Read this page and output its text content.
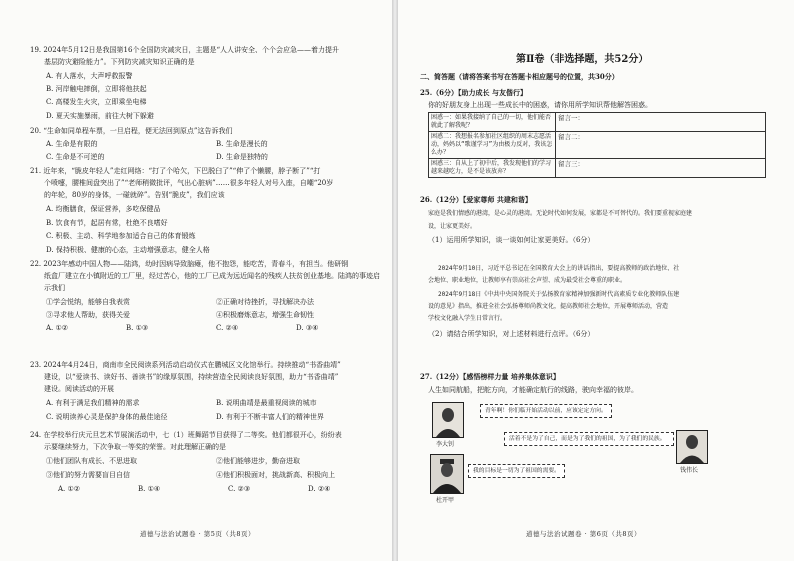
19. 2024年5月12日是我国第16个全国防灾减灾日，主题是“人人讲安全、个个会应急——着力提升
基层防灾避险能力”。下列防灾减灾知识正确的是
A. 有人落水，大声呼救报警
B. 河岸触电摔倒，立即将他扶起
C. 高楼发生火灾，立即乘坐电梯
D. 夏天实施暴雨，前往大树下躲避
20. “生命如同单程车票，一旦启程，便无法回到原点”这告诉我们
A. 生命是有限的	B. 生命是漫长的
C. 生命是不可逆的	D. 生命是独特的
21. 近年来，“脆皮年轻人”走红网络：“打了个哈欠，下巴脱臼了”“伸了个懒腰，脖子断了”“打
个喷嚏，腰椎间盘突出了”“老师稍微批评，气出心脏病”……很多年轻人对号入座，自嘲“20岁
的年轮，80岁的身体，一碰就碎”。告别“脆皮”，我们应该
A. 均衡膳食，保证营养，多吃保健品
B. 饮食有节，起居有常，杜绝不良嗜好
C. 积极、主动、科学地参加适合自己的体育锻炼
D. 保持积极、健康的心态，主动增强意志，健全人格
22. 2023年感动中国人物——陆鸿，幼时因病导致脑瘫，他不抱怨，能吃苦，青春斗，有担当。他研钢
纸盒厂建立在小镇附近的工厂里，经过苦心，他的工厂已成为远近闻名的残疾人扶贫创业基地。陆鸿的事迹启
示我们
①学会悦纳，能够自我表赏	②正确对待挫折，寻找解决办法
③寻求他人帮助，获得关爱	④积极磨炼意志，增强生命韧性
A. ①②	B. ①③	C. ②④	D. ③④
23. 2024年4月24日，商南市全民阅读系列活动启动仪式在鹏城区文化馆举行。持续推动“书香曲靖”
建设，以“爱读书、读好书、善读书”的缘厚氛围，持续营造全民阅读良好氛围，助力“书香曲靖”
建设。阅读活动的开展
A. 有利于满足我们精神的需求	B. 说明曲靖是最重视阅读的城市
C. 说明读养心灵是保护身体的最佳途径	D. 有利于不断丰富人们的精神世界
24. 在学校举行庆元旦艺术节展演活动中，七（1）班舞蹈节目获得了二等奖。他们都很开心，纷纷表
示要继续努力，下次争取一等奖的荣誉。对此理解正确的是
①他们团队有成长、不思进取	②他们能够进步，勤奋进取
③他们的努力需要盲目自信	④他们积极面对，挑战新高、积极向上
A. ①②	B. ①④	C. ②③	D. ②④
道德与法治试题卷 · 第5页（共8页）
第Ⅱ卷（非选择题，共52分）
二、简答题（请将答案书写在答题卡相应题号的位置，共30分）
25.（6分）【助力成长 与友偕行】
你的好朋友身上出现一些成长中的困惑，请你用所学知识帮他解答困惑。
困惑一：如果我接纳了自己的一切，他们能否就此了解我呢？	留言一：
困惑二：我想报名参加社区组织的周末志愿活动，妈妈以“歌谨学习”为由极力反对，我该怎么办？	留言二：
困惑三：自从上了初中后，我发现他们的学习越来越吃力，是不是该放弃？	留言三：
26.（12分）【爱家尊师 共建和谐】
家庭是我们情感的港湾，是心灵的港湾。无论时代如何发展，家都是不可替代的。我们要重视家庭建
设，让家更美好。
（1）运用所学知识，谈一谈如何让家更美好。（6分）
2024年9月10日，习近平总书记在全国教育大会上的讲话指出，要提高教师的政治地位、社
会地位、职业地位，让教师享有崇高社会声望、成为最受社会尊重的职业。
2024年9月18日《中共中央国务院关于弘扬教育家精神加强新时代高素质专业化教师队伍建
设的意见》指出，推进全社会弘扬尊师尚教文化，提高教师社会地位，开展尊师活动，营造
学校文化融入学生日常言行。
（2）请结合所学知识，对上述材料进行点评。（6分）
27.（12分）【感悟榜样力量 培养集体意识】
人生如同航船，把舵方向，才能确定航行的线路，驶向幸福的彼岸。
李大钊
青年啊！你们临开始活动以前，应该定定方向。
杜开甲
我的目标是一切为了祖国的需要。	钱伟长
活着不是为了自己，而是为了我们的祖国，为了我们的民族。
道德与法治试题卷 · 第6页（共8页）
